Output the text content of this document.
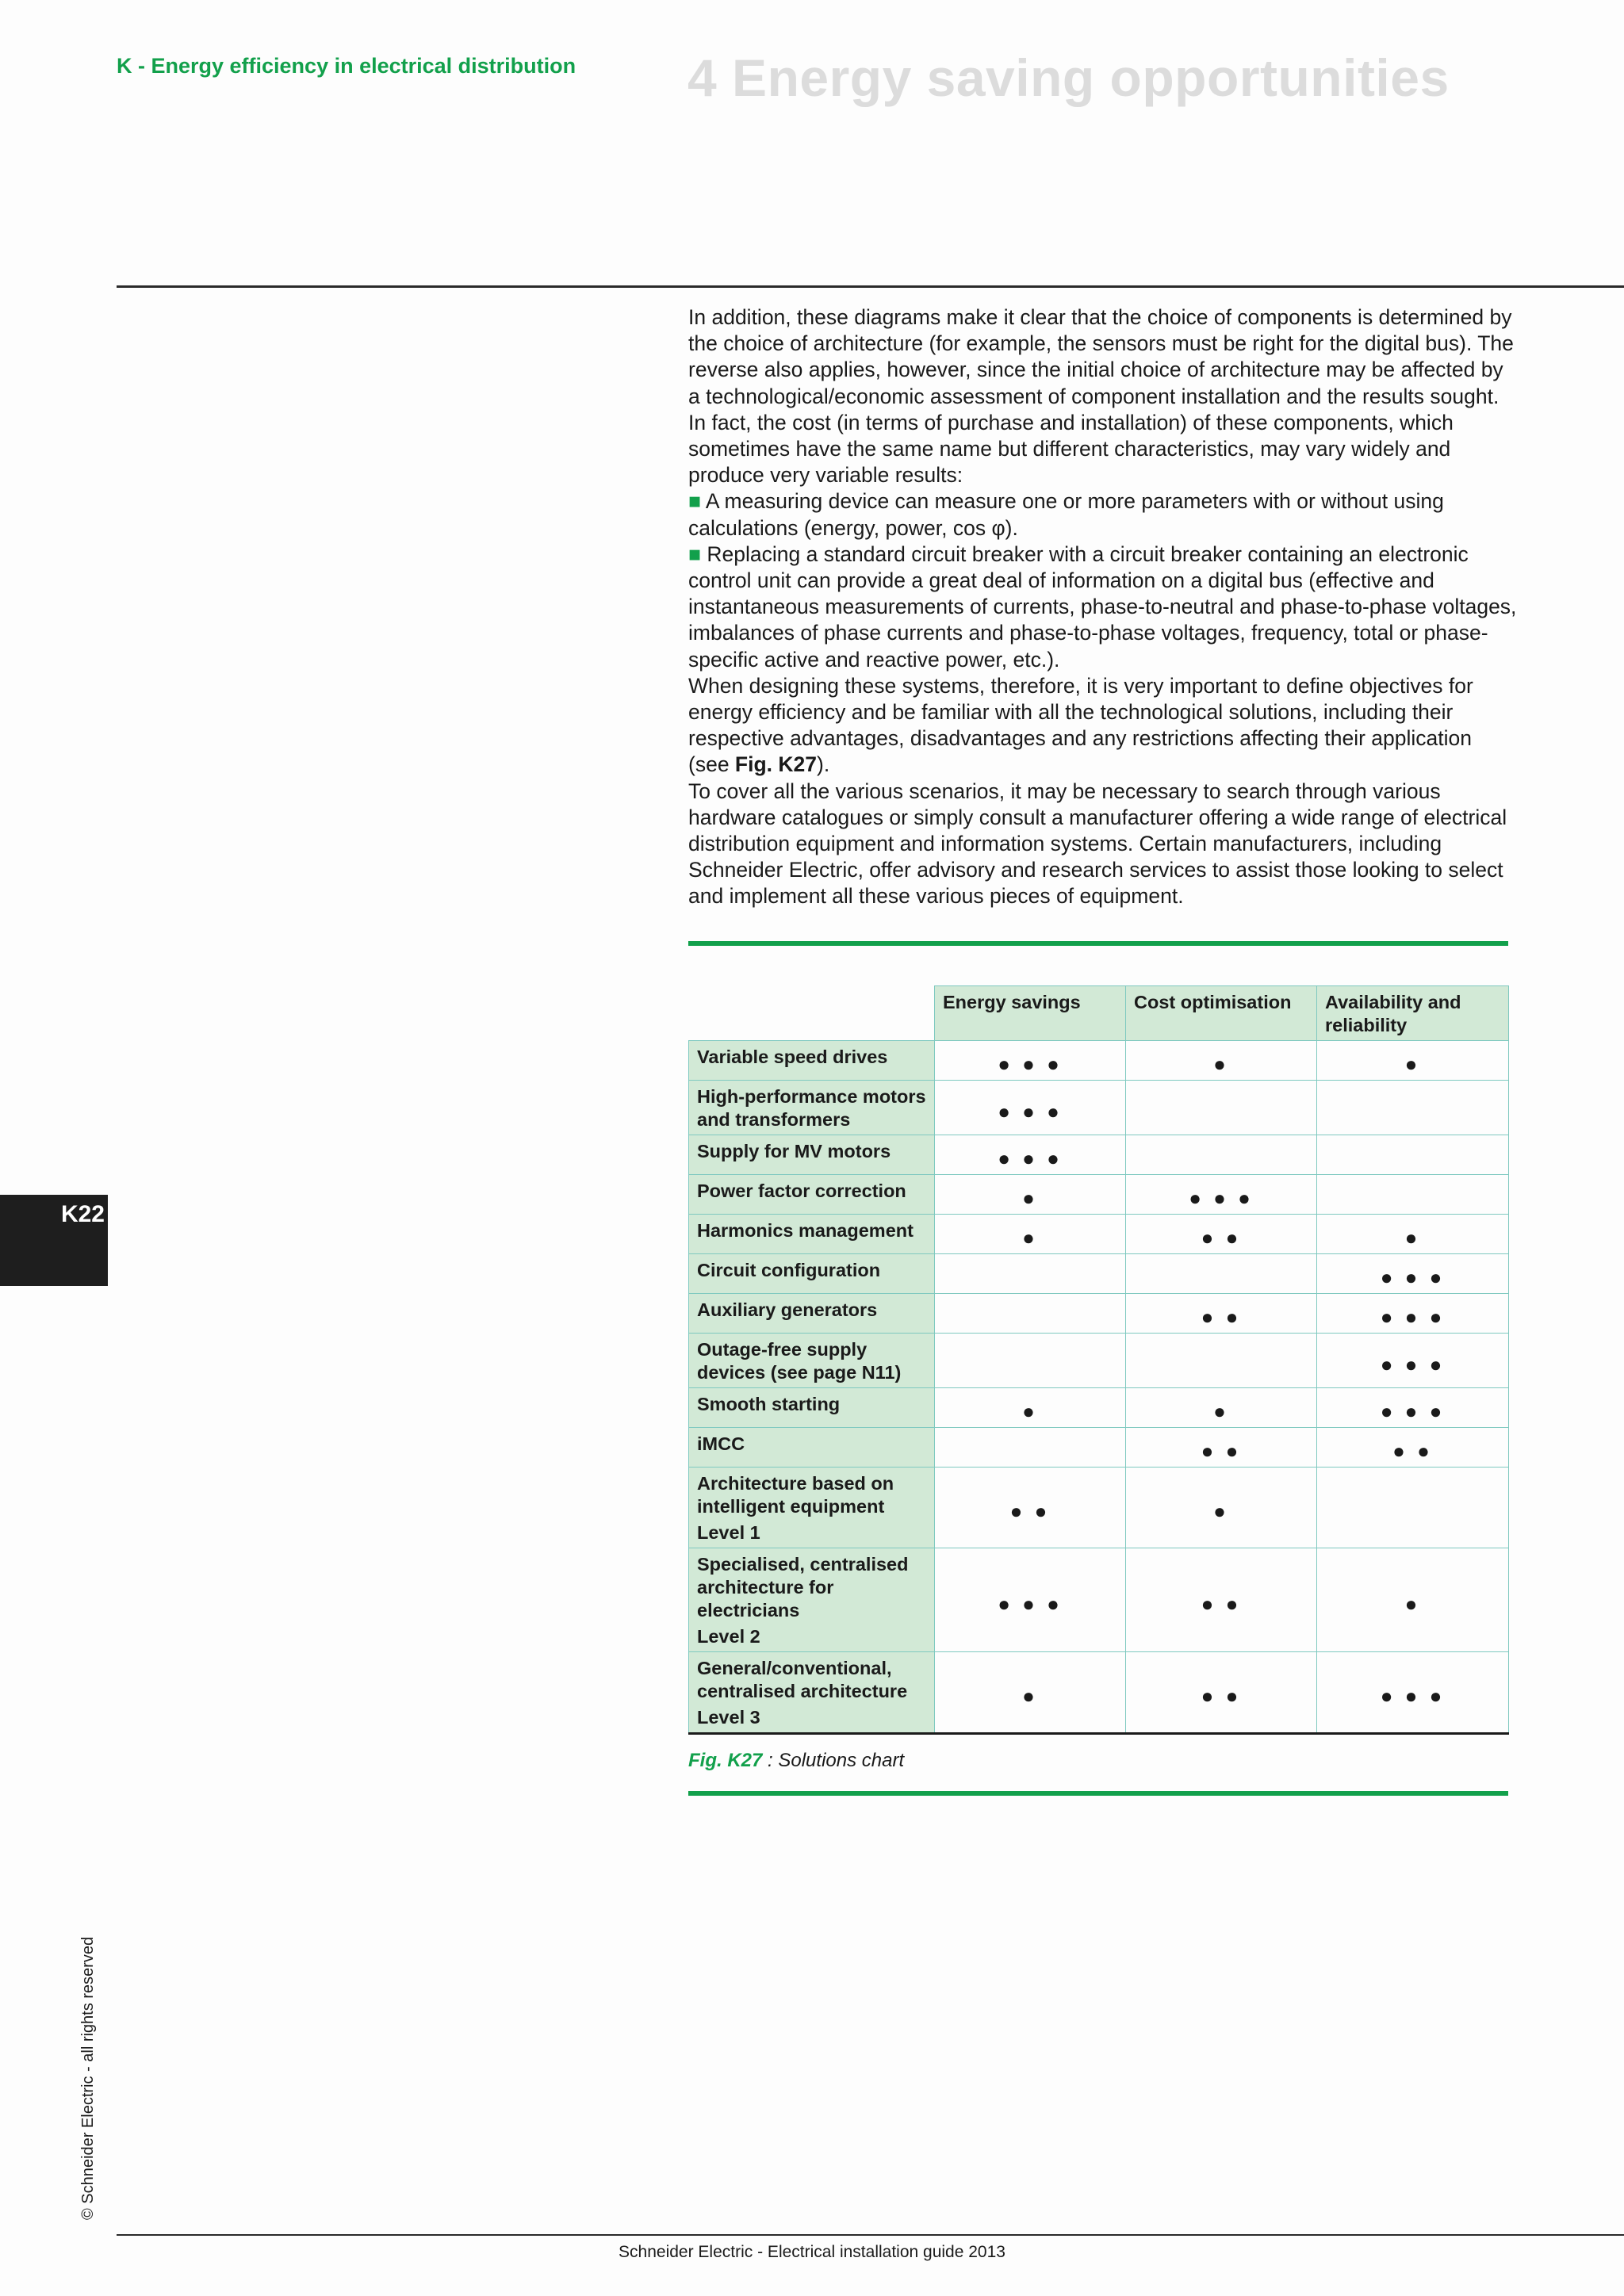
K - Energy efficiency in electrical distribution 4 Energy saving opportunities

In addition, these diagrams make it clear that the choice of components is determined by the choice of architecture (for example, the sensors must be right for the digital bus). The reverse also applies, however, since the initial choice of architecture may be affected by a technological/economic assessment of component installation and the results sought. In fact, the cost (in terms of purchase and installation) of these components, which sometimes have the same name but different characteristics, may vary widely and produce very variable results:

■ A measuring device can measure one or more parameters with or without using calculations (energy, power, cos φ).

■ Replacing a standard circuit breaker with a circuit breaker containing an electronic control unit can provide a great deal of information on a digital bus (effective and instantaneous measurements of currents, phase-to-neutral and phase-to-phase voltages, imbalances of phase currents and phase-to-phase voltages, frequency, total or phase-specific active and reactive power, etc.).

When designing these systems, therefore, it is very important to define objectives for energy efficiency and be familiar with all the technological solutions, including their respective advantages, disadvantages and any restrictions affecting their application (see Fig. K27).

To cover all the various scenarios, it may be necessary to search through various hardware catalogues or simply consult a manufacturer offering a wide range of electrical distribution equipment and information systems. Certain manufacturers, including Schneider Electric, offer advisory and research services to assist those looking to select and implement all these various pieces of equipment.

	Energy savings	Cost optimisation	Availability and reliability
Variable speed drives	● ● ●	●	●
High-performance motors and transformers	● ● ●		
Supply for MV motors	● ● ●		
Power factor correction	●	● ● ●	
Harmonics management	●	● ●	●
Circuit configuration			● ● ●
Auxiliary generators		● ●	● ● ●
Outage-free supply devices (see page N11)			● ● ●
Smooth starting	●	●	● ● ●
iMCC		● ●	● ●
Architecture based on intelligent equipment
Level 1	● ●	●	
Specialised, centralised architecture for electricians
Level 2	● ● ●	● ●	●
General/conventional, centralised architecture
Level 3	●	● ●	● ● ●
Fig. K27 : Solutions chart
K22
© Schneider Electric - all rights reserved
Schneider Electric - Electrical installation guide 2013
